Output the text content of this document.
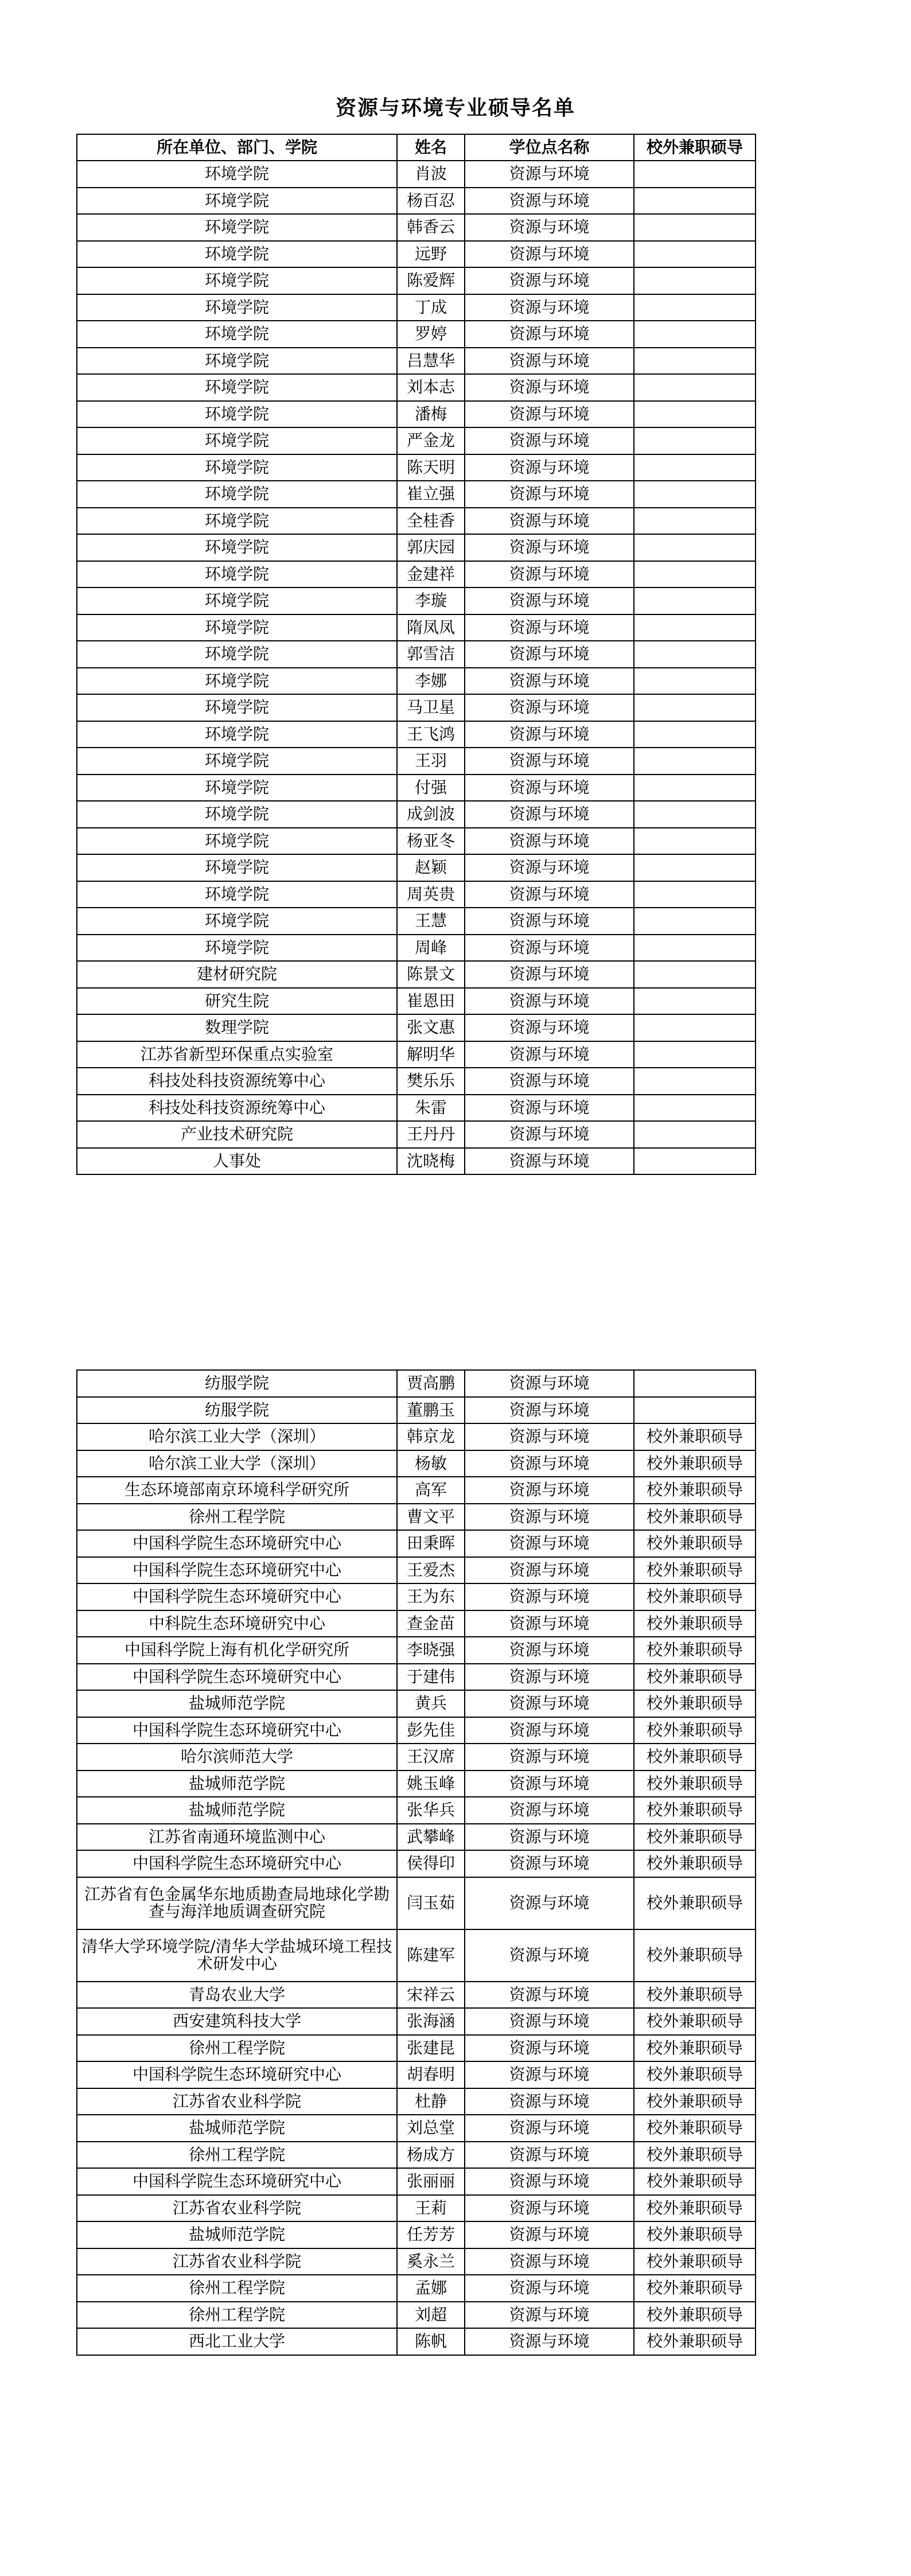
资源与环境专业硕导名单
所在单位、部门、学院	姓名	学位点名称	校外兼职硕导
环境学院	肖波	资源与环境	
环境学院	杨百忍	资源与环境	
环境学院	韩香云	资源与环境	
环境学院	远野	资源与环境	
环境学院	陈爱辉	资源与环境	
环境学院	丁成	资源与环境	
环境学院	罗婷	资源与环境	
环境学院	吕慧华	资源与环境	
环境学院	刘本志	资源与环境	
环境学院	潘梅	资源与环境	
环境学院	严金龙	资源与环境	
环境学院	陈天明	资源与环境	
环境学院	崔立强	资源与环境	
环境学院	全桂香	资源与环境	
环境学院	郭庆园	资源与环境	
环境学院	金建祥	资源与环境	
环境学院	李璇	资源与环境	
环境学院	隋凤凤	资源与环境	
环境学院	郭雪洁	资源与环境	
环境学院	李娜	资源与环境	
环境学院	马卫星	资源与环境	
环境学院	王飞鸿	资源与环境	
环境学院	王羽	资源与环境	
环境学院	付强	资源与环境	
环境学院	成剑波	资源与环境	
环境学院	杨亚冬	资源与环境	
环境学院	赵颖	资源与环境	
环境学院	周英贵	资源与环境	
环境学院	王慧	资源与环境	
环境学院	周峰	资源与环境	
建材研究院	陈景文	资源与环境	
研究生院	崔恩田	资源与环境	
数理学院	张文惠	资源与环境	
江苏省新型环保重点实验室	解明华	资源与环境	
科技处科技资源统筹中心	樊乐乐	资源与环境	
科技处科技资源统筹中心	朱雷	资源与环境	
产业技术研究院	王丹丹	资源与环境	
人事处	沈晓梅	资源与环境	
纺服学院	贾高鹏	资源与环境	
纺服学院	董鹏玉	资源与环境	
哈尔滨工业大学（深圳）	韩京龙	资源与环境	校外兼职硕导
哈尔滨工业大学（深圳）	杨敏	资源与环境	校外兼职硕导
生态环境部南京环境科学研究所	高军	资源与环境	校外兼职硕导
徐州工程学院	曹文平	资源与环境	校外兼职硕导
中国科学院生态环境研究中心	田秉晖	资源与环境	校外兼职硕导
中国科学院生态环境研究中心	王爱杰	资源与环境	校外兼职硕导
中国科学院生态环境研究中心	王为东	资源与环境	校外兼职硕导
中科院生态环境研究中心	查金苗	资源与环境	校外兼职硕导
中国科学院上海有机化学研究所	李晓强	资源与环境	校外兼职硕导
中国科学院生态环境研究中心	于建伟	资源与环境	校外兼职硕导
盐城师范学院	黄兵	资源与环境	校外兼职硕导
中国科学院生态环境研究中心	彭先佳	资源与环境	校外兼职硕导
哈尔滨师范大学	王汉席	资源与环境	校外兼职硕导
盐城师范学院	姚玉峰	资源与环境	校外兼职硕导
盐城师范学院	张华兵	资源与环境	校外兼职硕导
江苏省南通环境监测中心	武攀峰	资源与环境	校外兼职硕导
中国科学院生态环境研究中心	侯得印	资源与环境	校外兼职硕导
江苏省有色金属华东地质勘查局地球化学勘查与海洋地质调查研究院	闫玉茹	资源与环境	校外兼职硕导
清华大学环境学院/清华大学盐城环境工程技术研发中心	陈建军	资源与环境	校外兼职硕导
青岛农业大学	宋祥云	资源与环境	校外兼职硕导
西安建筑科技大学	张海涵	资源与环境	校外兼职硕导
徐州工程学院	张建昆	资源与环境	校外兼职硕导
中国科学院生态环境研究中心	胡春明	资源与环境	校外兼职硕导
江苏省农业科学院	杜静	资源与环境	校外兼职硕导
盐城师范学院	刘总堂	资源与环境	校外兼职硕导
徐州工程学院	杨成方	资源与环境	校外兼职硕导
中国科学院生态环境研究中心	张丽丽	资源与环境	校外兼职硕导
江苏省农业科学院	王莉	资源与环境	校外兼职硕导
盐城师范学院	任芳芳	资源与环境	校外兼职硕导
江苏省农业科学院	奚永兰	资源与环境	校外兼职硕导
徐州工程学院	孟娜	资源与环境	校外兼职硕导
徐州工程学院	刘超	资源与环境	校外兼职硕导
西北工业大学	陈帆	资源与环境	校外兼职硕导
